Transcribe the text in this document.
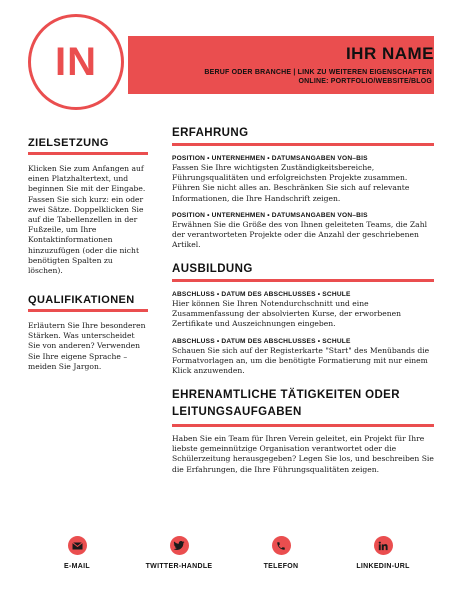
IN	IHR NAME
BERUF ODER BRANCHE | LINK ZU WEITEREN EIGENSCHAFTEN
ONLINE: PORTFOLIO/WEBSITE/BLOG
ZIELSETZUNG
Klicken Sie zum Anfangen auf einen Platzhaltertext, und beginnen Sie mit der Eingabe. Fassen Sie sich kurz: ein oder zwei Sätze. Doppelklicken Sie auf die Tabellenzellen in der Fußzeile, um Ihre Kontaktinformationen hinzuzufügen (oder die nicht benötigten Spalten zu löschen).
QUALIFIKATIONEN
Erläutern Sie Ihre besonderen Stärken. Was unterscheidet Sie von anderen? Verwenden Sie Ihre eigene Sprache – meiden Sie Jargon.
ERFAHRUNG
POSITION • UNTERNEHMEN • DATUMSANGABEN VON–BIS
Fassen Sie Ihre wichtigsten Zuständigkeitsbereiche, Führungsqualitäten und erfolgreichsten Projekte zusammen. Führen Sie nicht alles an. Beschränken Sie sich auf relevante Informationen, die Ihre Handschrift zeigen.
POSITION • UNTERNEHMEN • DATUMSANGABEN VON–BIS
Erwähnen Sie die Größe des von Ihnen geleiteten Teams, die Zahl der verantworteten Projekte oder die Anzahl der geschriebenen Artikel.
AUSBILDUNG
ABSCHLUSS • DATUM DES ABSCHLUSSES • SCHULE
Hier können Sie Ihren Notendurchschnitt und eine Zusammenfassung der absolvierten Kurse, der erworbenen Zertifikate und Auszeichnungen eingeben.
ABSCHLUSS • DATUM DES ABSCHLUSSES • SCHULE
Schauen Sie sich auf der Registerkarte "Start" des Menübands die Formatvorlagen an, um die benötigte Formatierung mit nur einem Klick anzuwenden.
EHRENAMTLICHE TÄTIGKEITEN ODER
LEITUNGSAUFGABEN
Haben Sie ein Team für Ihren Verein geleitet, ein Projekt für Ihre liebste gemeinnützige Organisation verantwortet oder die Schülerzeitung herausgegeben? Legen Sie los, und beschreiben Sie die Erfahrungen, die Ihre Führungsqualitäten zeigen.
E-MAIL	TWITTER-HANDLE	TELEFON	LINKEDIN-URL
